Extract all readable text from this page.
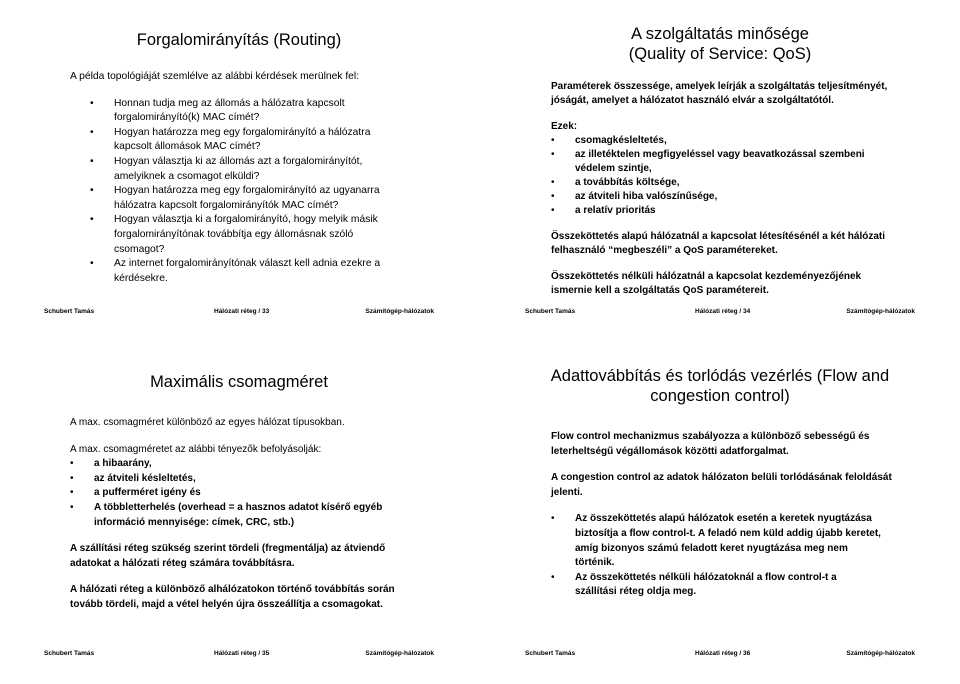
Forgalomirányítás (Routing)

A példa topológiáját szemlélve az alábbi kérdések merülnek fel:

• Honnan tudja meg az állomás a hálózatra kapcsolt forgalomirányító(k) MAC címét?
• Hogyan határozza meg egy forgalomirányító a hálózatra kapcsolt állomások MAC címét?
• Hogyan választja ki az állomás azt a forgalomirányítót, amelyiknek a csomagot elküldi?
• Hogyan határozza meg egy forgalomirányító az ugyanarra hálózatra kapcsolt forgalomirányítók MAC címét?
• Hogyan választja ki a forgalomirányító, hogy melyik másik forgalomirányítónak továbbítja egy állomásnak szóló csomagot?
• Az internet forgalomirányítónak választ kell adnia ezekre a kérdésekre.
Schubert Tamás	Hálózati réteg / 33	Számítógép-hálózatok
A szolgáltatás minősége
(Quality of Service: QoS)

Paraméterek összessége, amelyek leírják a szolgáltatás teljesítményét, jóságát, amelyet a hálózatot használó elvár a szolgáltatótól.

Ezek:

• csomagkésleltetés,
• az illetéktelen megfigyeléssel vagy beavatkozással szembeni védelem szintje,
• a továbbítás költsége,
• az átviteli hiba valószínűsége,
• a relatív prioritás

Összeköttetés alapú hálózatnál a kapcsolat létesítésénél a két hálózati felhasználó “megbeszéli” a QoS paramétereket.

Összeköttetés nélküli hálózatnál a kapcsolat kezdeményezőjének ismernie kell a szolgáltatás QoS paramétereit.

Schubert Tamás	Hálózati réteg / 34	Számítógép-hálózatok
Maximális csomagméret

A max. csomagméret különböző az egyes hálózat típusokban.

A max. csomagméretet az alábbi tényezők befolyásolják:

• a hibaarány,
• az átviteli késleltetés,
• a pufferméret igény és
• A többletterhelés (overhead = a hasznos adatot kísérő egyéb információ mennyisége: címek, CRC, stb.)

A szállítási réteg szükség szerint tördeli (fregmentálja) az átviendő adatokat a hálózati réteg számára továbbításra.

A hálózati réteg a különböző alhálózatokon történő továbbítás során tovább tördeli, majd a vétel helyén újra összeállítja a csomagokat.

Schubert Tamás	Hálózati réteg / 35	Számítógép-hálózatok
Adattovábbítás és torlódás vezérlés (Flow and
congestion control)

Flow control mechanizmus szabályozza a különböző sebességű és leterheltségű végállomások közötti adatforgalmat.

A congestion control az adatok hálózaton belüli torlódásának feloldását jelenti.

• Az összeköttetés alapú hálózatok esetén a keretek nyugtázása biztosítja a flow control-t. A feladó nem küld addig újabb keretet, amíg bizonyos számú feladott keret nyugtázása meg nem történik.
• Az összeköttetés nélküli hálózatoknál a flow control-t a szállítási réteg oldja meg.
Schubert Tamás	Hálózati réteg / 36	Számítógép-hálózatok
